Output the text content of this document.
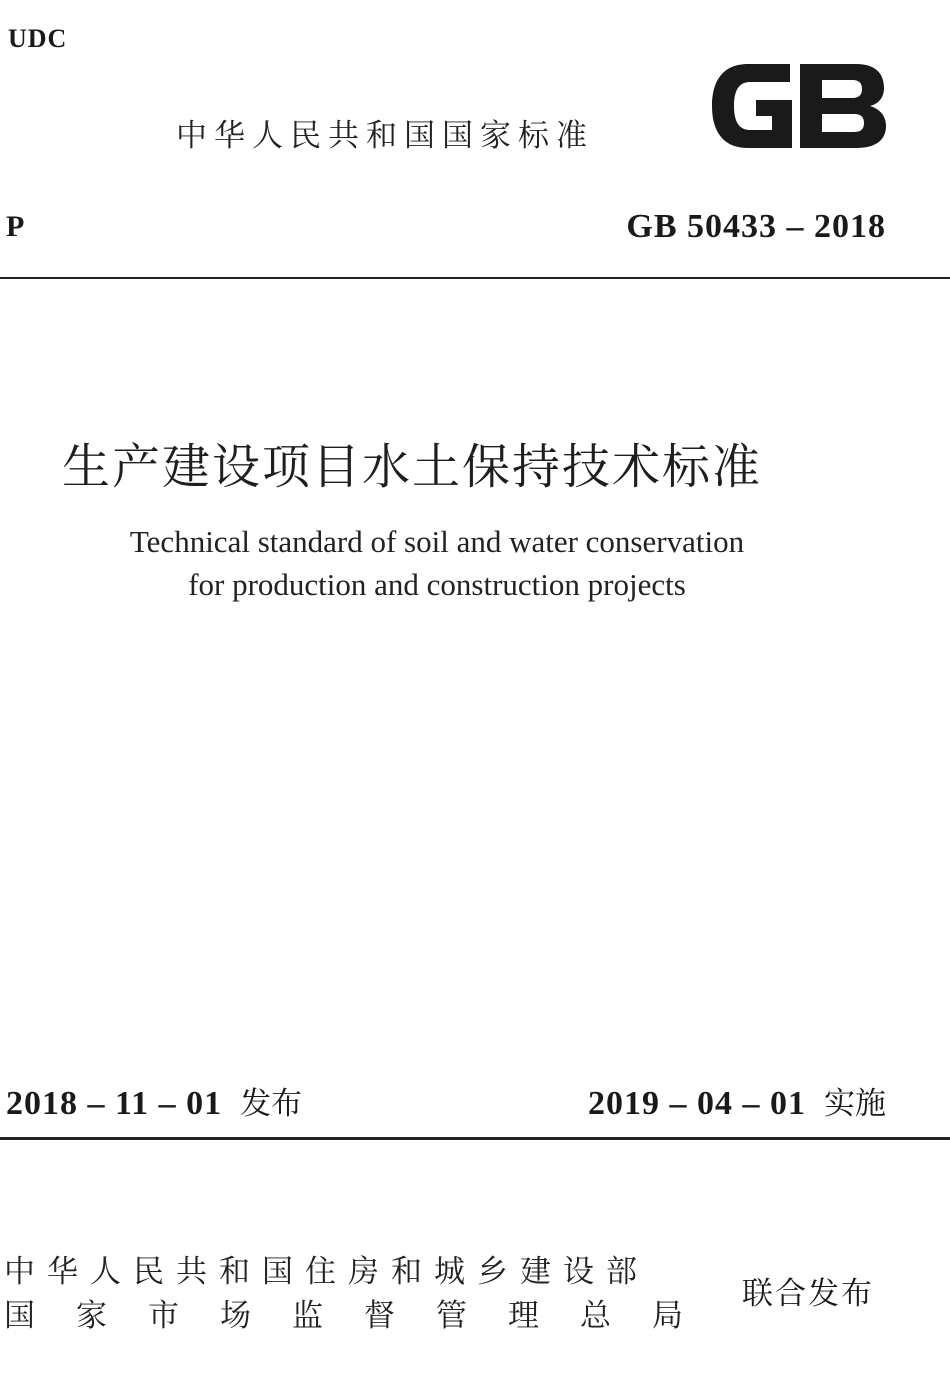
UDC
中华人民共和国国家标准
P	GB 50433 – 2018
生产建设项目水土保持技术标准
Technical standard of soil and water conservation
for production and construction projects
2018 – 11 – 01 发布	2019 – 04 – 01 实施
中华人民共和国住房和城乡建设部
国家市场监督管理总局
联合发布
